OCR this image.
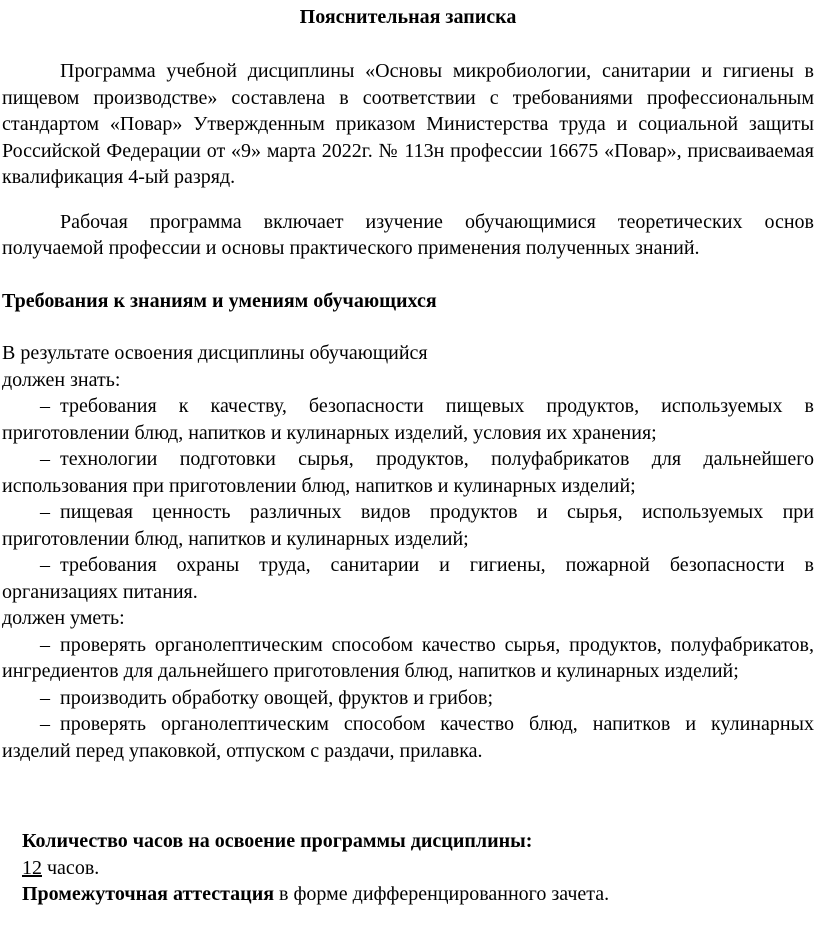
Пояснительная записка
Программа учебной дисциплины «Основы микробиологии, санитарии и гигиены в пищевом производстве» составлена в соответствии с требованиями профессиональным стандартом «Повар» Утвержденным приказом Министерства труда и социальной защиты Российской Федерации от «9» марта 2022г. № 113н профессии 16675 «Повар», присваиваемая квалификация 4-ый разряд.
Рабочая программа включает изучение обучающимися теоретических основ получаемой профессии и основы практического применения полученных знаний.
Требования к знаниям и умениям обучающихся
В результате освоения дисциплины обучающийся
должен знать:
– требования к качеству, безопасности пищевых продуктов, используемых в приготовлении блюд, напитков и кулинарных изделий, условия их хранения;
– технологии подготовки сырья, продуктов, полуфабрикатов для дальнейшего использования при приготовлении блюд, напитков и кулинарных изделий;
– пищевая ценность различных видов продуктов и сырья, используемых при приготовлении блюд, напитков и кулинарных изделий;
– требования охраны труда, санитарии и гигиены, пожарной безопасности в организациях питания.
должен уметь:
– проверять органолептическим способом качество сырья, продуктов, полуфабрикатов, ингредиентов для дальнейшего приготовления блюд, напитков и кулинарных изделий;
– производить обработку овощей, фруктов и грибов;
– проверять органолептическим способом качество блюд, напитков и кулинарных изделий перед упаковкой, отпуском с раздачи, прилавка.
Количество часов на освоение программы дисциплины:
12 часов.
Промежуточная аттестация в форме дифференцированного зачета.
